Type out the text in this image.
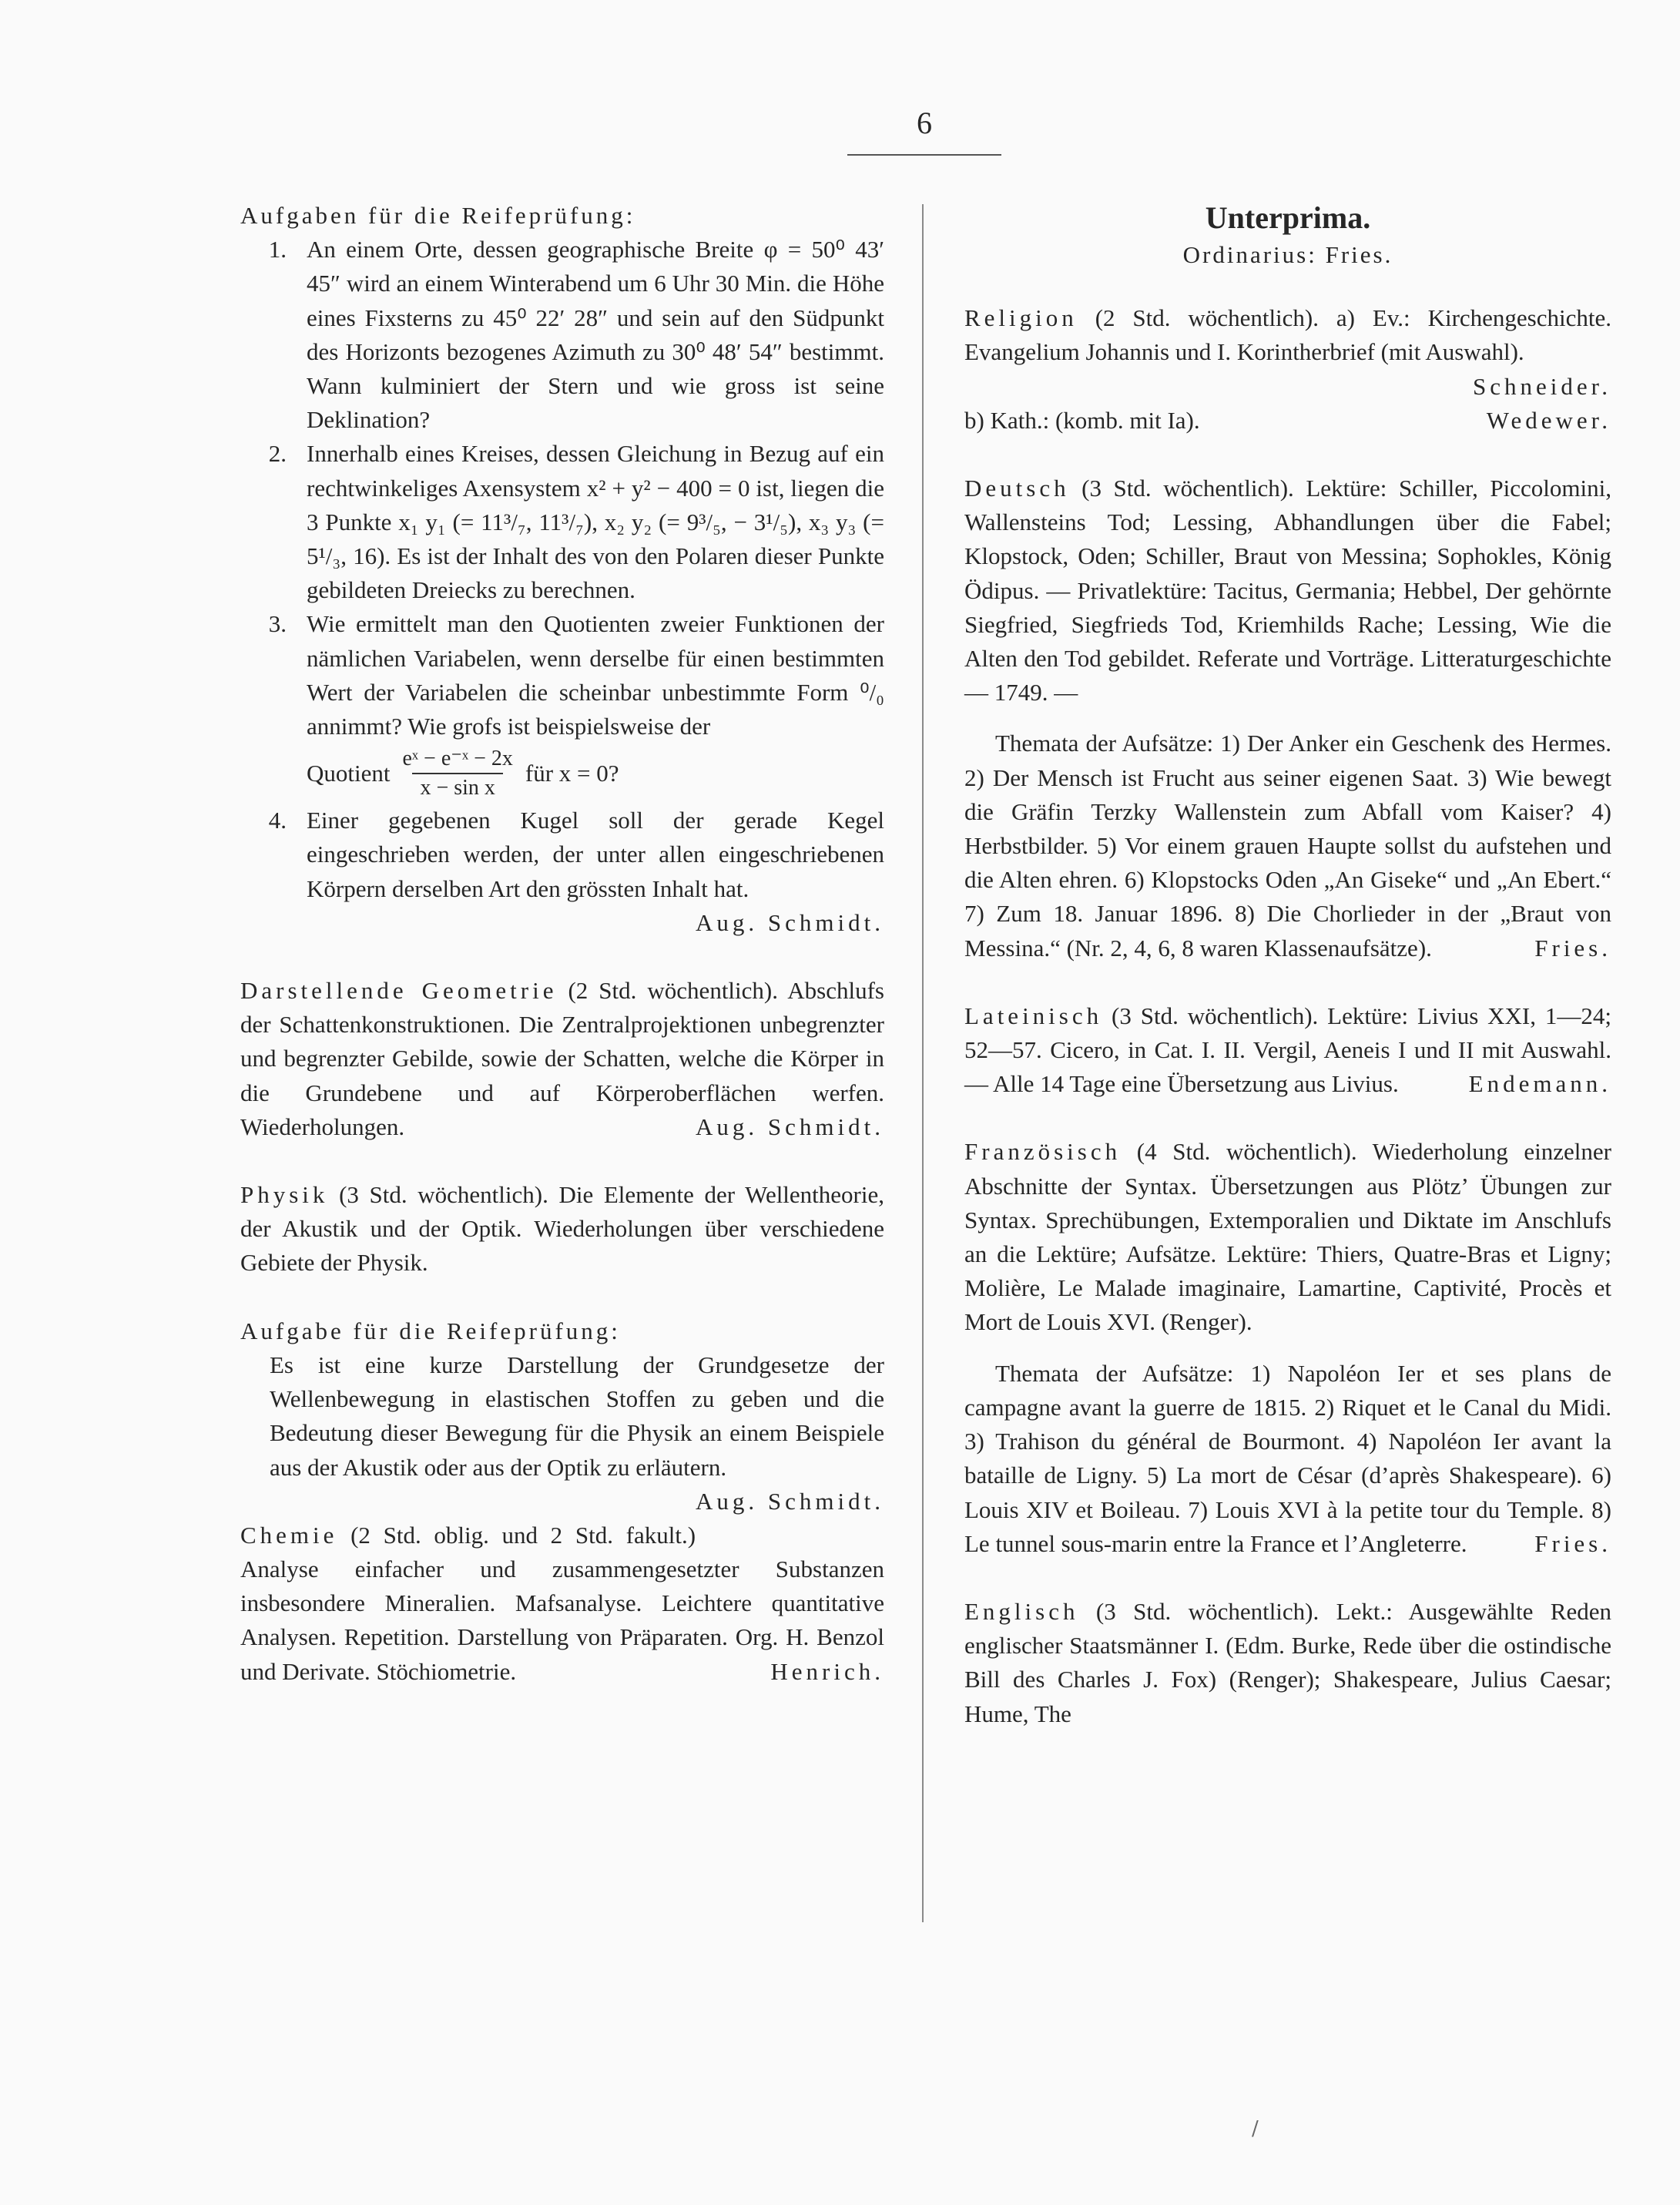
6

Aufgaben für die Reifeprüfung:

1. An einem Orte, dessen geographische Breite φ = 50⁰ 43′ 45″ wird an einem Winterabend um 6 Uhr 30 Min. die Höhe eines Fixsterns zu 45⁰ 22′ 28″ und sein auf den Südpunkt des Horizonts bezogenes Azimuth zu 30⁰ 48′ 54″ bestimmt. Wann kulminiert der Stern und wie gross ist seine Deklination?
2. Innerhalb eines Kreises, dessen Gleichung in Bezug auf ein rechtwinkeliges Axensystem x² + y² − 400 = 0 ist, liegen die 3 Punkte x₁ y₁ (= 11³/₇, 11³/₇), x₂ y₂ (= 9³/₅, − 3¹/₅), x₃ y₃ (= 5¹/₃, 16). Es ist der Inhalt des von den Polaren dieser Punkte gebildeten Dreiecks zu berechnen.
3. Wie ermittelt man den Quotienten zweier Funktionen der nämlichen Variabelen, wenn derselbe für einen bestimmten Wert der Variabelen die scheinbar unbestimmte Form ⁰/₀ annimmt? Wie grofs ist beispielsweise der
Quotient $\frac{\text{eˣ − e⁻ˣ − 2x}}{\text{x − sin x}}$ für x = 0?
4. Einer gegebenen Kugel soll der gerade Kegel eingeschrieben werden, der unter allen eingeschriebenen Körpern derselben Art den grössten Inhalt hat.
Aug. Schmidt.

Darstellende Geometrie (2 Std. wöchentlich). Abschlufs der Schattenkonstruktionen. Die Zentralprojektionen unbegrenzter und begrenzter Gebilde, sowie der Schatten, welche die Körper in die Grundebene und auf Körperoberflächen werfen. Wiederholungen.	Aug. Schmidt.

Physik (3 Std. wöchentlich). Die Elemente der Wellentheorie, der Akustik und der Optik. Wiederholungen über verschiedene Gebiete der Physik.

Aufgabe für die Reifeprüfung:

Es ist eine kurze Darstellung der Grundgesetze der Wellenbewegung in elastischen Stoffen zu geben und die Bedeutung dieser Bewegung für die Physik an einem Beispiele aus der Akustik oder aus der Optik zu erläutern.
Aug. Schmidt.

Chemie (2 Std. oblig. und 2 Std. fakult.) Analyse einfacher und zusammengesetzter Substanzen insbesondere Mineralien. Mafsanalyse. Leichtere quantitative Analysen. Repetition. Darstellung von Präparaten. Org. H. Benzol und Derivate. Stöchiometrie.	Henrich.

Unterprima.

Ordinarius: Fries.

Religion (2 Std. wöchentlich). a) Ev.: Kirchengeschichte. Evangelium Johannis und I. Korintherbrief (mit Auswahl).
Schneider.

b) Kath.: (komb. mit Ia).	Wedewer.

Deutsch (3 Std. wöchentlich). Lektüre: Schiller, Piccolomini, Wallensteins Tod; Lessing, Abhandlungen über die Fabel; Klopstock, Oden; Schiller, Braut von Messina; Sophokles, König Ödipus. — Privatlektüre: Tacitus, Germania; Hebbel, Der gehörnte Siegfried, Siegfrieds Tod, Kriemhilds Rache; Lessing, Wie die Alten den Tod gebildet. Referate und Vorträge. Litteraturgeschichte — 1749. —

Themata der Aufsätze: 1) Der Anker ein Geschenk des Hermes. 2) Der Mensch ist Frucht aus seiner eigenen Saat. 3) Wie bewegt die Gräfin Terzky Wallenstein zum Abfall vom Kaiser? 4) Herbstbilder. 5) Vor einem grauen Haupte sollst du aufstehen und die Alten ehren. 6) Klopstocks Oden „An Giseke“ und „An Ebert.“ 7) Zum 18. Januar 1896. 8) Die Chorlieder in der „Braut von Messina.“ (Nr. 2, 4, 6, 8 waren Klassenaufsätze).	Fries.

Lateinisch (3 Std. wöchentlich). Lektüre: Livius XXI, 1—24; 52—57. Cicero, in Cat. I. II. Vergil, Aeneis I und II mit Auswahl. — Alle 14 Tage eine Übersetzung aus Livius.	Endemann.

Französisch (4 Std. wöchentlich). Wiederholung einzelner Abschnitte der Syntax. Übersetzungen aus Plötz’ Übungen zur Syntax. Sprechübungen, Extemporalien und Diktate im Anschlufs an die Lektüre; Aufsätze. Lektüre: Thiers, Quatre-Bras et Ligny; Molière, Le Malade imaginaire, Lamartine, Captivité, Procès et Mort de Louis XVI. (Renger).

Themata der Aufsätze: 1) Napoléon Ier et ses plans de campagne avant la guerre de 1815. 2) Riquet et le Canal du Midi. 3) Trahison du général de Bourmont. 4) Napoléon Ier avant la bataille de Ligny. 5) La mort de César (d’après Shakespeare). 6) Louis XIV et Boileau. 7) Louis XVI à la petite tour du Temple. 8) Le tunnel sous-marin entre la France et l’Angleterre.	Fries.

Englisch (3 Std. wöchentlich). Lekt.: Ausgewählte Reden englischer Staatsmänner I. (Edm. Burke, Rede über die ostindische Bill des Charles J. Fox) (Renger); Shakespeare, Julius Caesar; Hume, The

/
